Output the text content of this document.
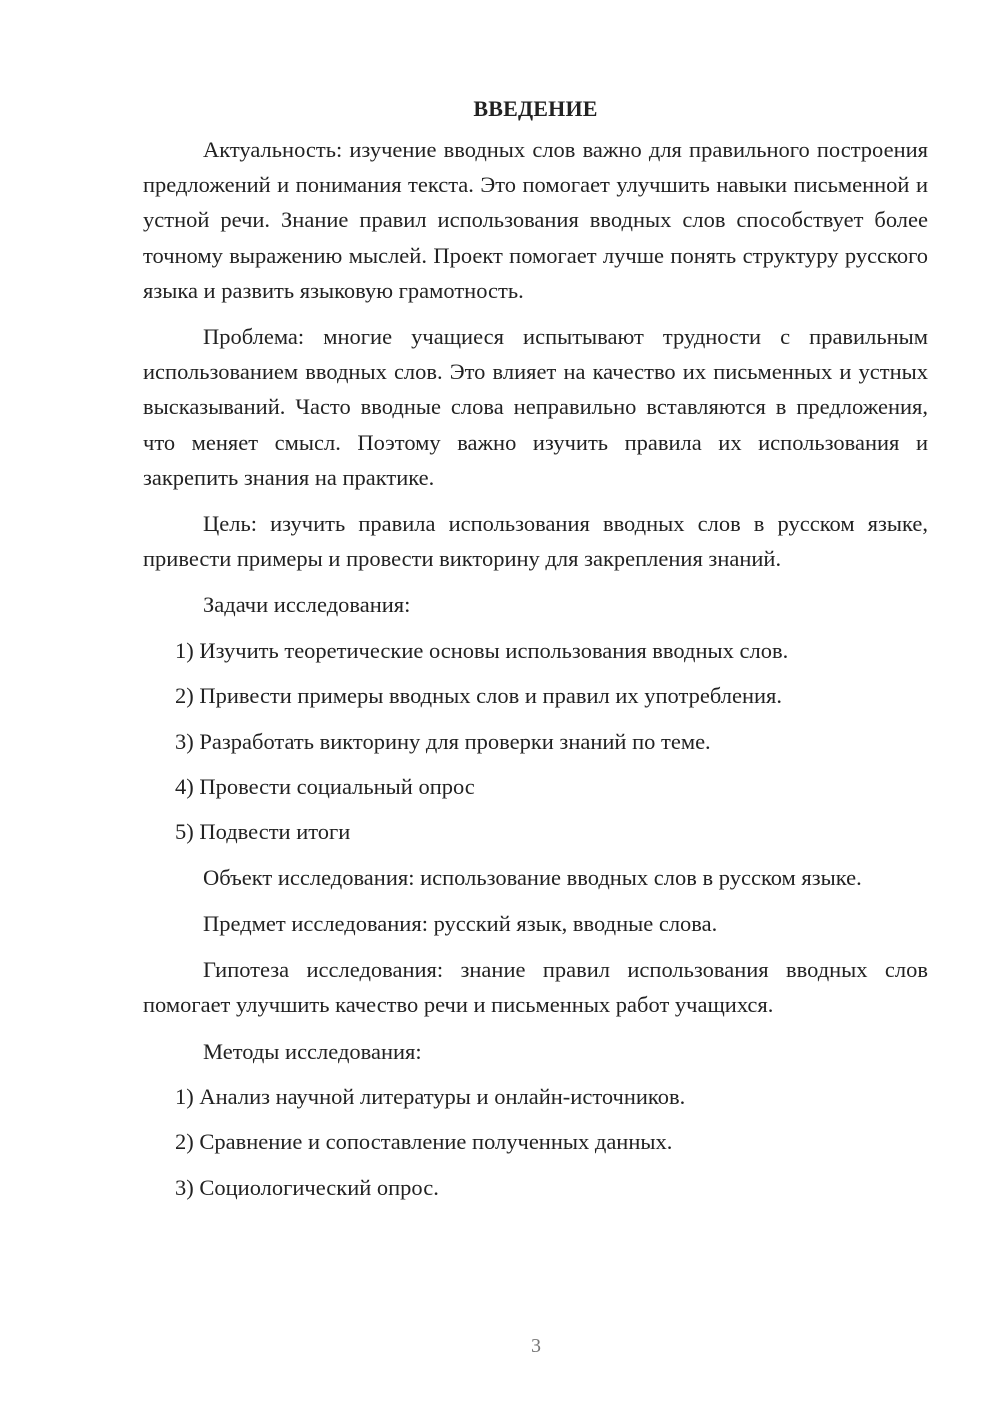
ВВЕДЕНИЕ

Актуальность: изучение вводных слов важно для правильного построения предложений и понимания текста. Это помогает улучшить навыки письменной и устной речи. Знание правил использования вводных слов способствует более точному выражению мыслей. Проект помогает лучше понять структуру русского языка и развить языковую грамотность.

Проблема: многие учащиеся испытывают трудности с правильным использованием вводных слов. Это влияет на качество их письменных и устных высказываний. Часто вводные слова неправильно вставляются в предложения, что меняет смысл. Поэтому важно изучить правила их использования и закрепить знания на практике.

Цель: изучить правила использования вводных слов в русском языке, привести примеры и провести викторину для закрепления знаний.

Задачи исследования:
1) Изучить теоретические основы использования вводных слов.
2) Привести примеры вводных слов и правил их употребления.
3) Разработать викторину для проверки знаний по теме.
4) Провести социальный опрос
5) Подвести итоги

Объект исследования: использование вводных слов в русском языке.

Предмет исследования: русский язык, вводные слова.

Гипотеза исследования: знание правил использования вводных слов помогает улучшить качество речи и письменных работ учащихся.

Методы исследования:
1) Анализ научной литературы и онлайн-источников.
2) Сравнение и сопоставление полученных данных.
3) Социологический опрос.
3
